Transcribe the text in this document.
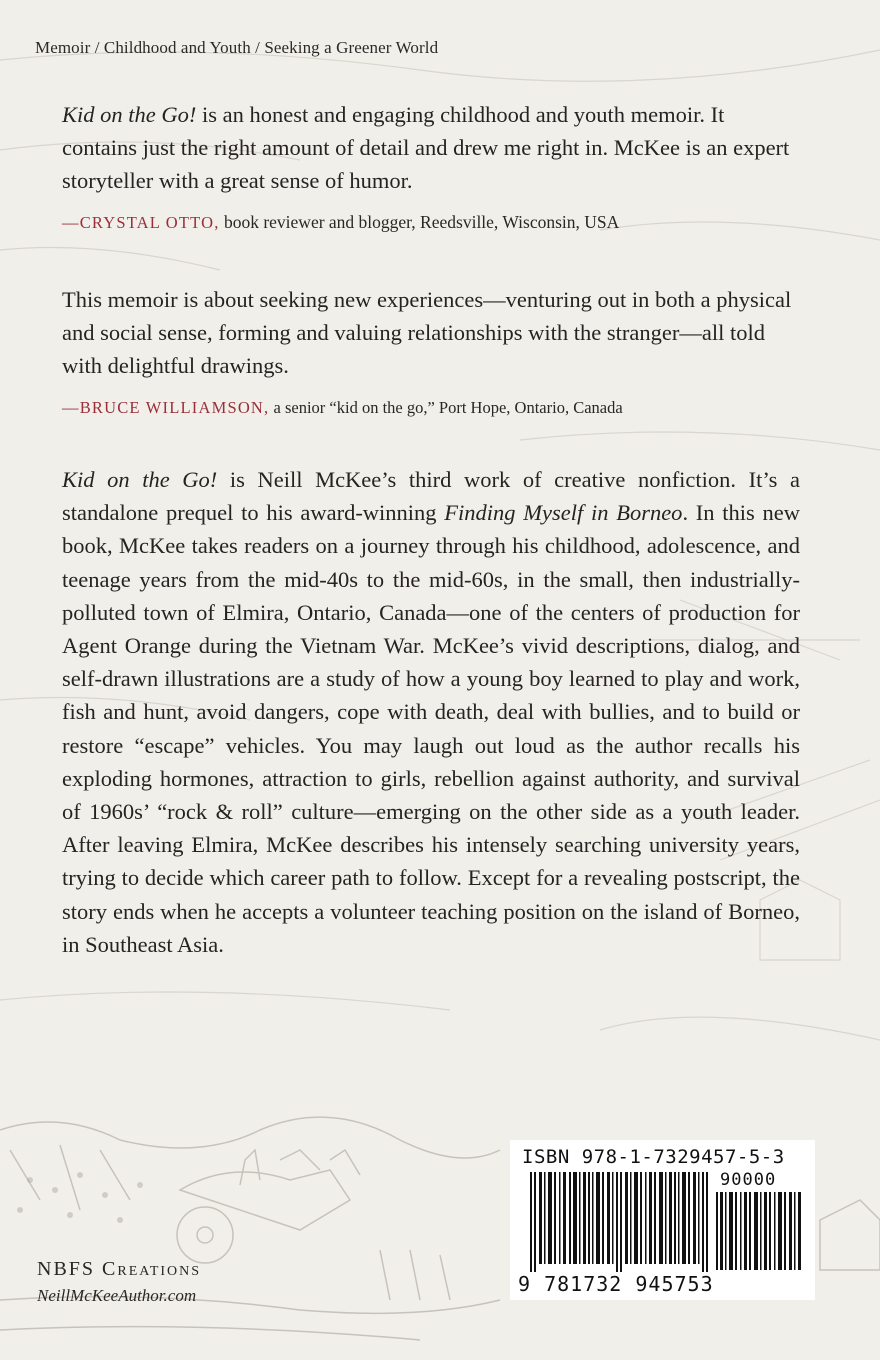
Memoir / Childhood and Youth / Seeking a Greener World
Kid on the Go! is an honest and engaging childhood and youth memoir. It contains just the right amount of detail and drew me right in. McKee is an expert storyteller with a great sense of humor.
—CRYSTAL OTTO, book reviewer and blogger, Reedsville, Wisconsin, USA
This memoir is about seeking new experiences—venturing out in both a physical and social sense, forming and valuing relationships with the stranger—all told with delightful drawings.
—BRUCE WILLIAMSON, a senior “kid on the go,” Port Hope, Ontario, Canada
Kid on the Go! is Neill McKee’s third work of creative nonfiction. It’s a standalone prequel to his award-winning Finding Myself in Borneo. In this new book, McKee takes readers on a journey through his childhood, adolescence, and teenage years from the mid-40s to the mid-60s, in the small, then industrially-polluted town of Elmira, Ontario, Canada—one of the centers of production for Agent Orange during the Vietnam War. McKee’s vivid descriptions, dialog, and self-drawn illustrations are a study of how a young boy learned to play and work, fish and hunt, avoid dangers, cope with death, deal with bullies, and to build or restore “escape” vehicles. You may laugh out loud as the author recalls his exploding hormones, attraction to girls, rebellion against authority, and survival of 1960s’ “rock & roll” culture—emerging on the other side as a youth leader. After leaving Elmira, McKee describes his intensely searching university years, trying to decide which career path to follow. Except for a revealing postscript, the story ends when he accepts a volunteer teaching position on the island of Borneo, in Southeast Asia.
ISBN 978-1-7329457-5-3
90000
9 781732 945753
NBFS Creations
NeillMcKeeAuthor.com
